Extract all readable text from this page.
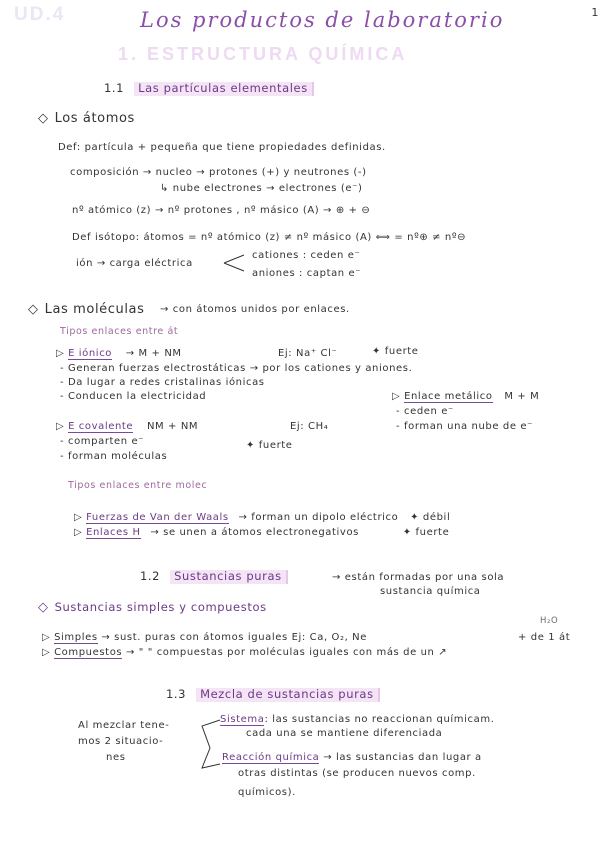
UD.4	Los productos de laboratorio	1
1. ESTRUCTURA QUÍMICA
1.1 Las partículas elementales
◇ Los átomos
Def: partícula + pequeña que tiene propiedades definidas.
composición → nucleo → protones (+) y neutrones (-)
↳ nube electrones → electrones (e⁻)
nº atómico (z) → nº protones , nº másico (A) → ⊕ + ⊖
Def isótopo: átomos = nº atómico (z) ≠ nº másico (A) ⟺ = nº⊕ ≠ nº⊖
ión → carga eléctrica
cationes : ceden e⁻
aniones : captan e⁻
◇ Las moléculas → con átomos unidos por enlaces.
Tipos enlaces entre át
▷ E iónico → M + NM	Ej: Na⁺ Cl⁻	✦ fuerte
- Generan fuerzas electrostáticas → por los cationes y aniones.
- Da lugar a redes cristalinas iónicas
- Conducen la electricidad	▷ Enlace metálico M + M
- ceden e⁻
- forman una nube de e⁻
▷ E covalente NM + NM	Ej: CH₄
✦ fuerte
- comparten e⁻
- forman moléculas
Tipos enlaces entre molec
▷ Fuerzas de Van der Waals → forman un dipolo eléctrico ✦ débil
▷ Enlaces H → se unen a átomos electronegativos	✦ fuerte
1.2 Sustancias puras	→ están formadas por una sola
sustancia química
◇ Sustancias simples y compuestos
H₂O
▷ Simples → sust. puras con átomos iguales Ej: Ca, O₂, Ne	+ de 1 át
▷ Compuestos → " " compuestas por moléculas iguales con más de un ↗
1.3 Mezcla de sustancias puras
Al mezclar tene-
mos 2 situacio-
nes
Sistema: las sustancias no reaccionan químicam.
cada una se mantiene diferenciada
Reacción química → las sustancias dan lugar a
otras distintas (se producen nuevos comp.
químicos).
